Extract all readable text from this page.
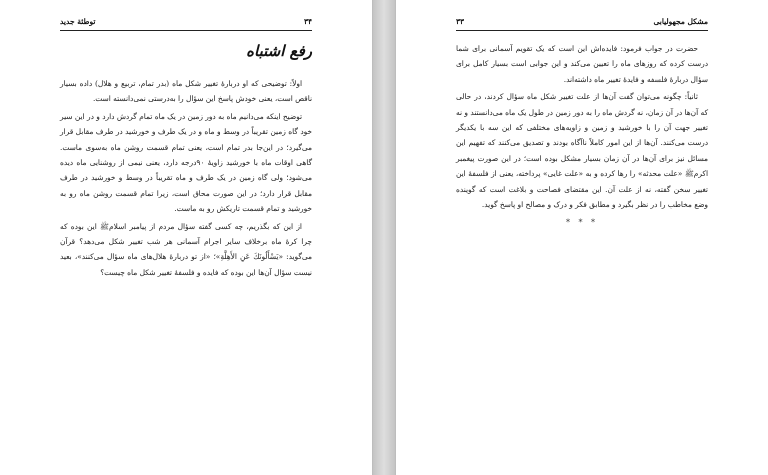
توطئة جديد	۳۴
رفع اشتباه

اولاً: توضیحی که او دربارهٔ تغییر شکل ماه (بدر تمام، تربیع و هلال) داده بسیار ناقص است، یعنی خودش پاسخ این سؤال را به‌درستی نمی‌دانسته است.

توضیح اینکه می‌دانیم ماه به دور زمین در یک ماه تمام گردش دارد و در این سیر خود گاه زمین تقریباً در وسط و ماه و در یک طرف و خورشید در طرف مقابل قرار می‌گیرد؛ در این‌جا بدر تمام است، یعنی تمام قسمت روشن ماه به‌سوی ماست. گاهی اوقات ماه با خورشید زاویهٔ ۹۰درجه دارد، یعنی نیمی از روشنایی ماه دیده می‌شود؛ ولی گاه زمین در یک طرف و ماه تقریباً در وسط و خورشید در طرف مقابل قرار دارد؛ در این صورت محاق است، زیرا تمام قسمت روشن ماه رو به خورشید و تمام قسمت تاریکش رو به ماست.

از این که بگذریم، چه کسی گفته سؤال مردم از پیامبر اسلامﷺ این بوده که چرا کرهٔ ماه برخلاف سایر اجرام آسمانی هر شب تغییر شکل می‌دهد؟ قرآن می‌گوید: «یَسْأَلُونَكَ عَنِ الأَهِلَّةِ»؛ «از تو دربارهٔ هلال‌های ماه سؤال می‌کنند»، بعید نیست سؤال آن‌ها این بوده که فایده و فلسفهٔ تغییر شکل ماه چیست؟

۳۳	مشکل مجهولیابی

حضرت در جواب فرمود: فایده‌اش این است که یک تقویم آسمانی برای شما درست کرده که روزهای ماه را تعیین می‌کند و این جوابی است بسیار کامل برای سؤال دربارهٔ فلسفه و فایدهٔ تغییر ماه داشته‌اند.

ثانیاً: چگونه می‌توان گفت آن‌ها از علت تغییر شکل ماه سؤال کردند، در حالی که آن‌ها در آن زمان، نه گردش ماه را به دور زمین در طول یک ماه می‌دانستند و نه تغییر جهت آن را با خورشید و زمین و زاویه‌های مختلفی که این سه با یکدیگر درست می‌کنند. آن‌ها از این امور کاملاً ناآگاه بودند و تصدیق می‌کنند که تفهیم این مسائل نیز برای آن‌ها در آن زمان بسیار مشکل بوده است؛ در این صورت پیغمبر اکرمﷺ «علت محدثه» را رها کرده و به «علت غایی» پرداخته، یعنی از فلسفهٔ این تغییر سخن گفته، نه از علت آن. این مقتضای فصاحت و بلاغت است که گوینده وضع مخاطب را در نظر بگیرد و مطابق فکر و درک و مصالح او پاسخ گوید.

* * *
